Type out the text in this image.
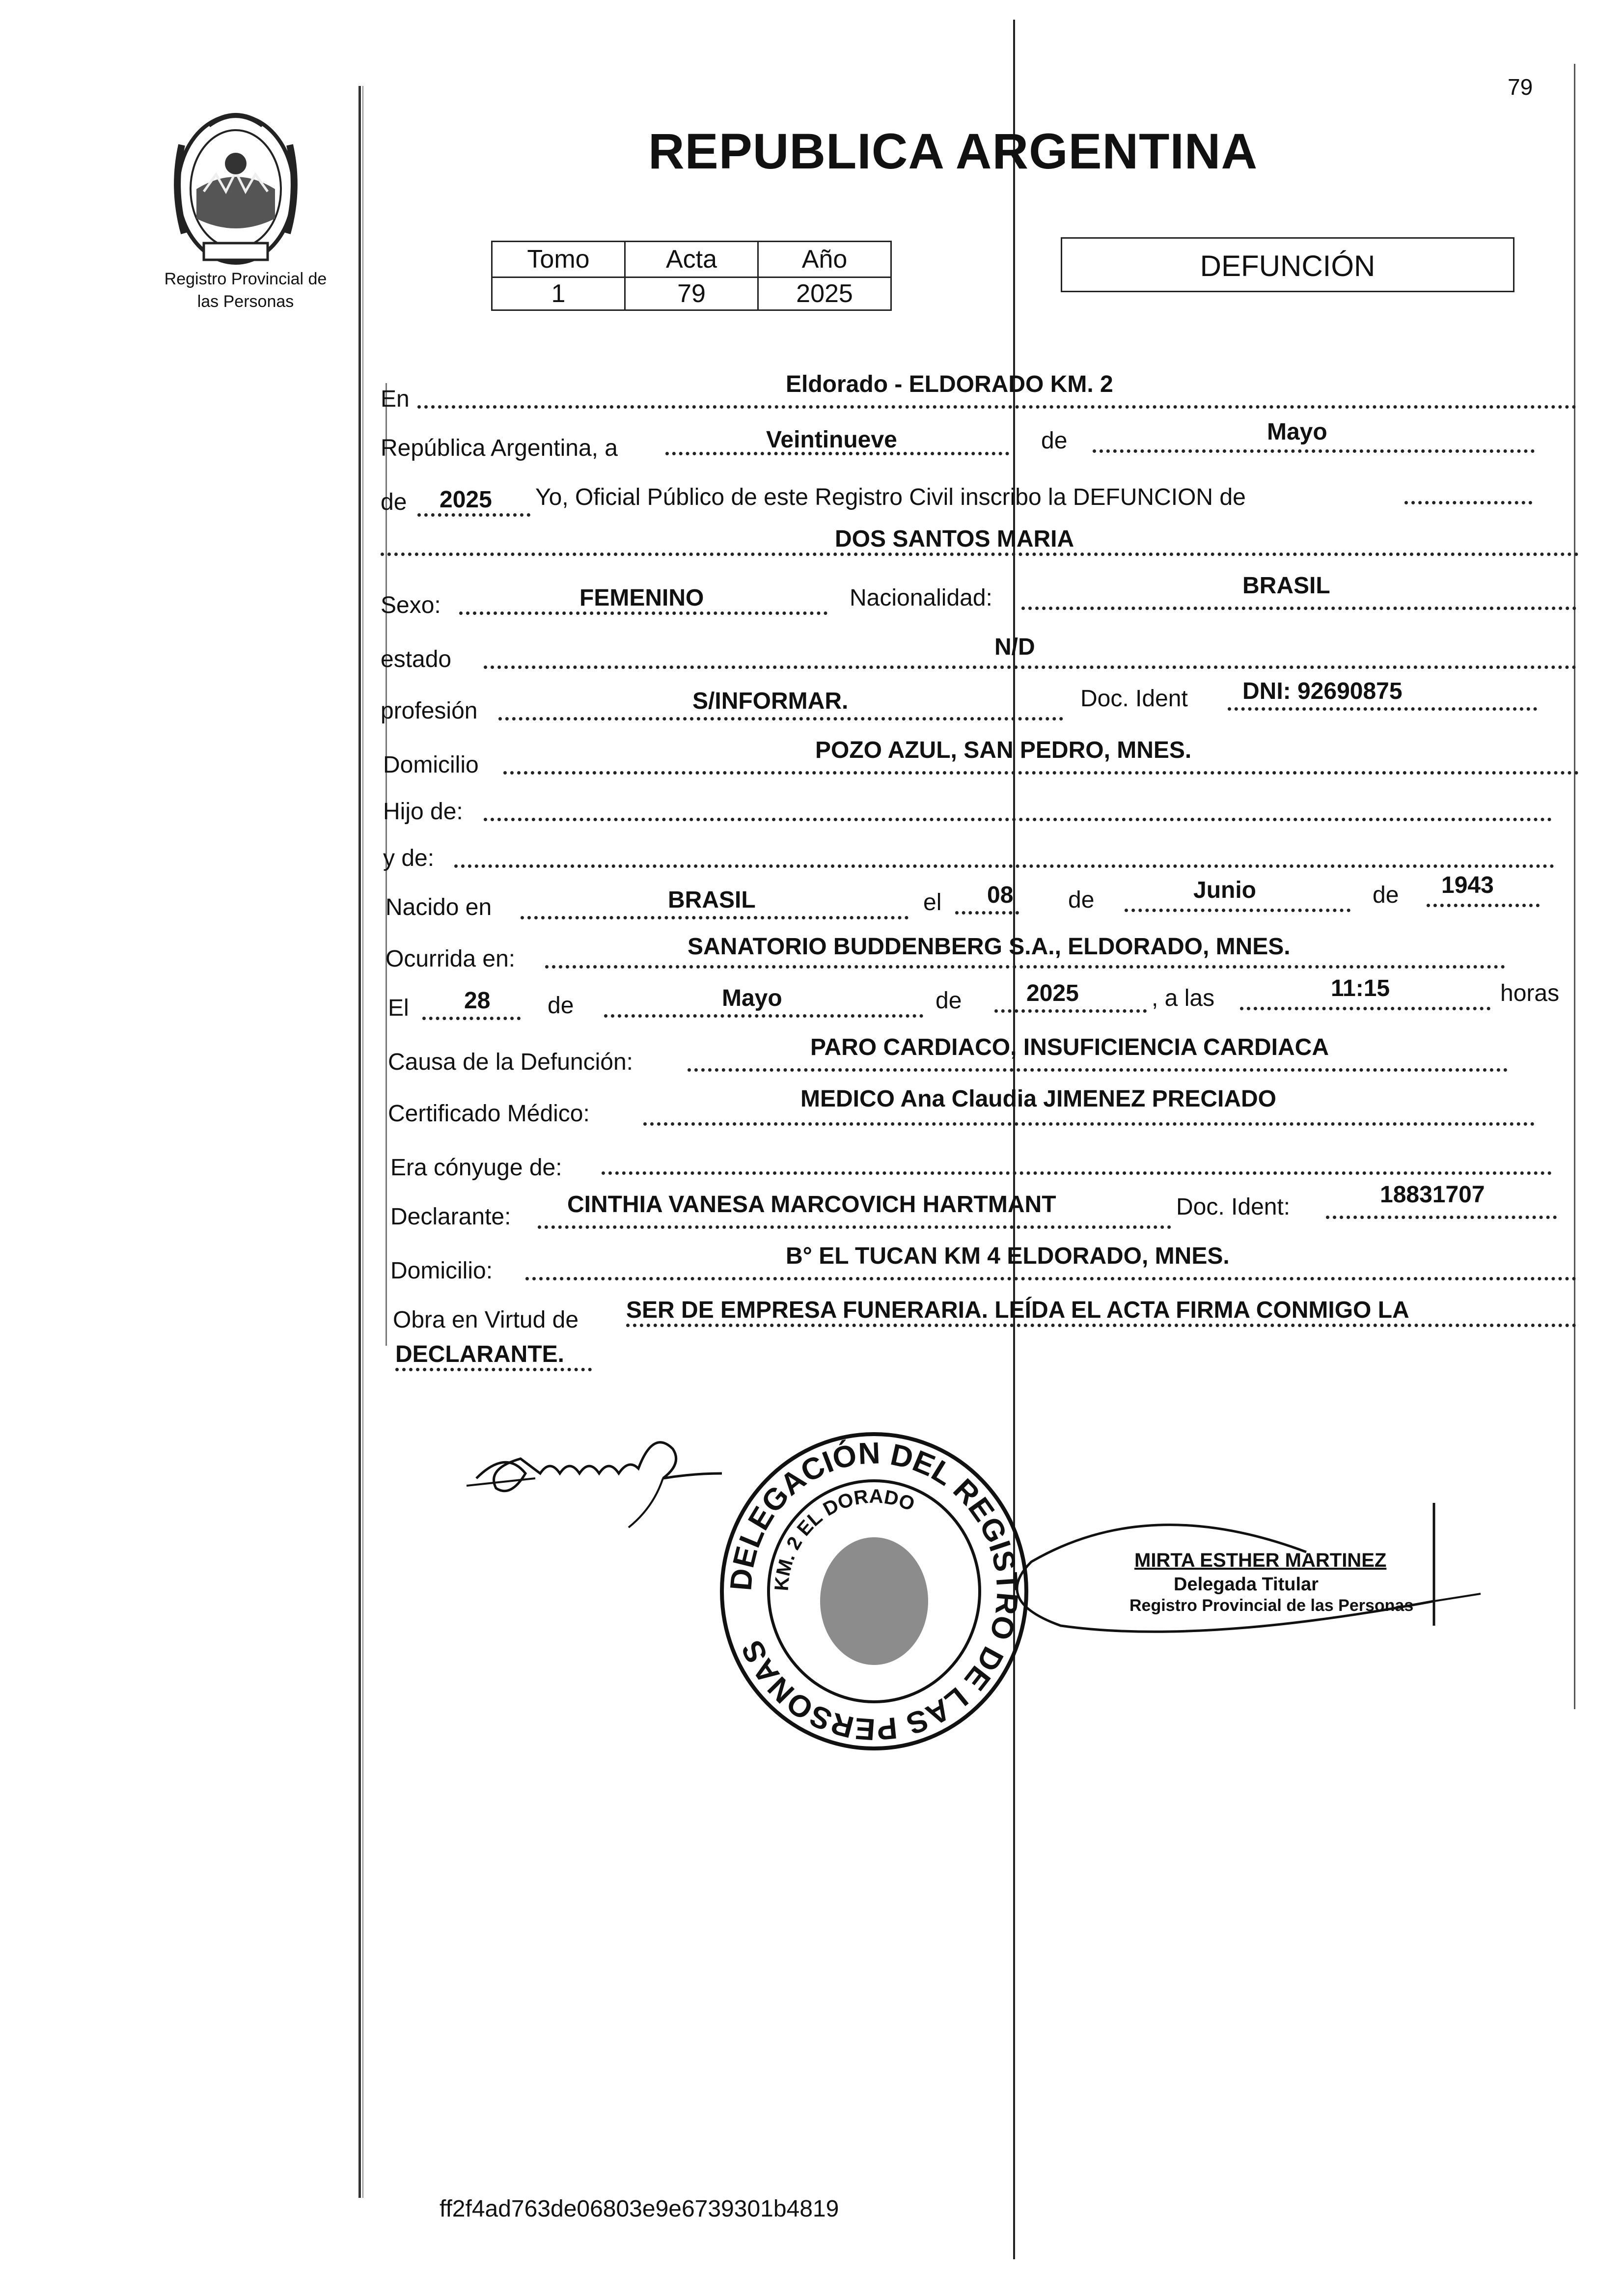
79
Registro Provincial de
las Personas
REPUBLICA ARGENTINA
Tomo	Acta	Año
1	79	2025
DEFUNCIÓN
En
Eldorado - ELDORADO KM. 2
República Argentina, a	Veintinueve	de	Mayo
de 2025 Yo, Oficial Público de este Registro Civil inscribo la DEFUNCION de
DOS SANTOS MARIA
Sexo:	FEMENINO	Nacionalidad:	BRASIL
estado	N/D
profesión	S/INFORMAR.	Doc. Ident DNI: 92690875
Domicilio
POZO AZUL, SAN PEDRO, MNES.
Hijo de:
y de:
Nacido en	BRASIL	el 08 de	Junio	de 1943
Ocurrida en:	SANATORIO BUDDENBERG S.A., ELDORADO, MNES.
El 28 de	Mayo	de	2025	, a las	11:15	horas
Causa de la Defunción:
PARO CARDIACO, INSUFICIENCIA CARDIACA
Certificado Médico:
MEDICO Ana Claudia JIMENEZ PRECIADO
Era cónyuge de:
Declarante: CINTHIA VANESA MARCOVICH HARTMANT	Doc. Ident:	18831707
Domicilio:
B° EL TUCAN KM 4 ELDORADO, MNES.
Obra en Virtud de SER DE EMPRESA FUNERARIA. LEÍDA EL ACTA FIRMA CONMIGO LA
DECLARANTE.
DELEGACIÓN DEL REGISTRO DE LAS PERSONAS
KM. 2 EL DORADO
MIRTA ESTHER MARTINEZ
Delegada Titular
Registro Provincial de las Personas
ff2f4ad763de06803e9e6739301b4819
